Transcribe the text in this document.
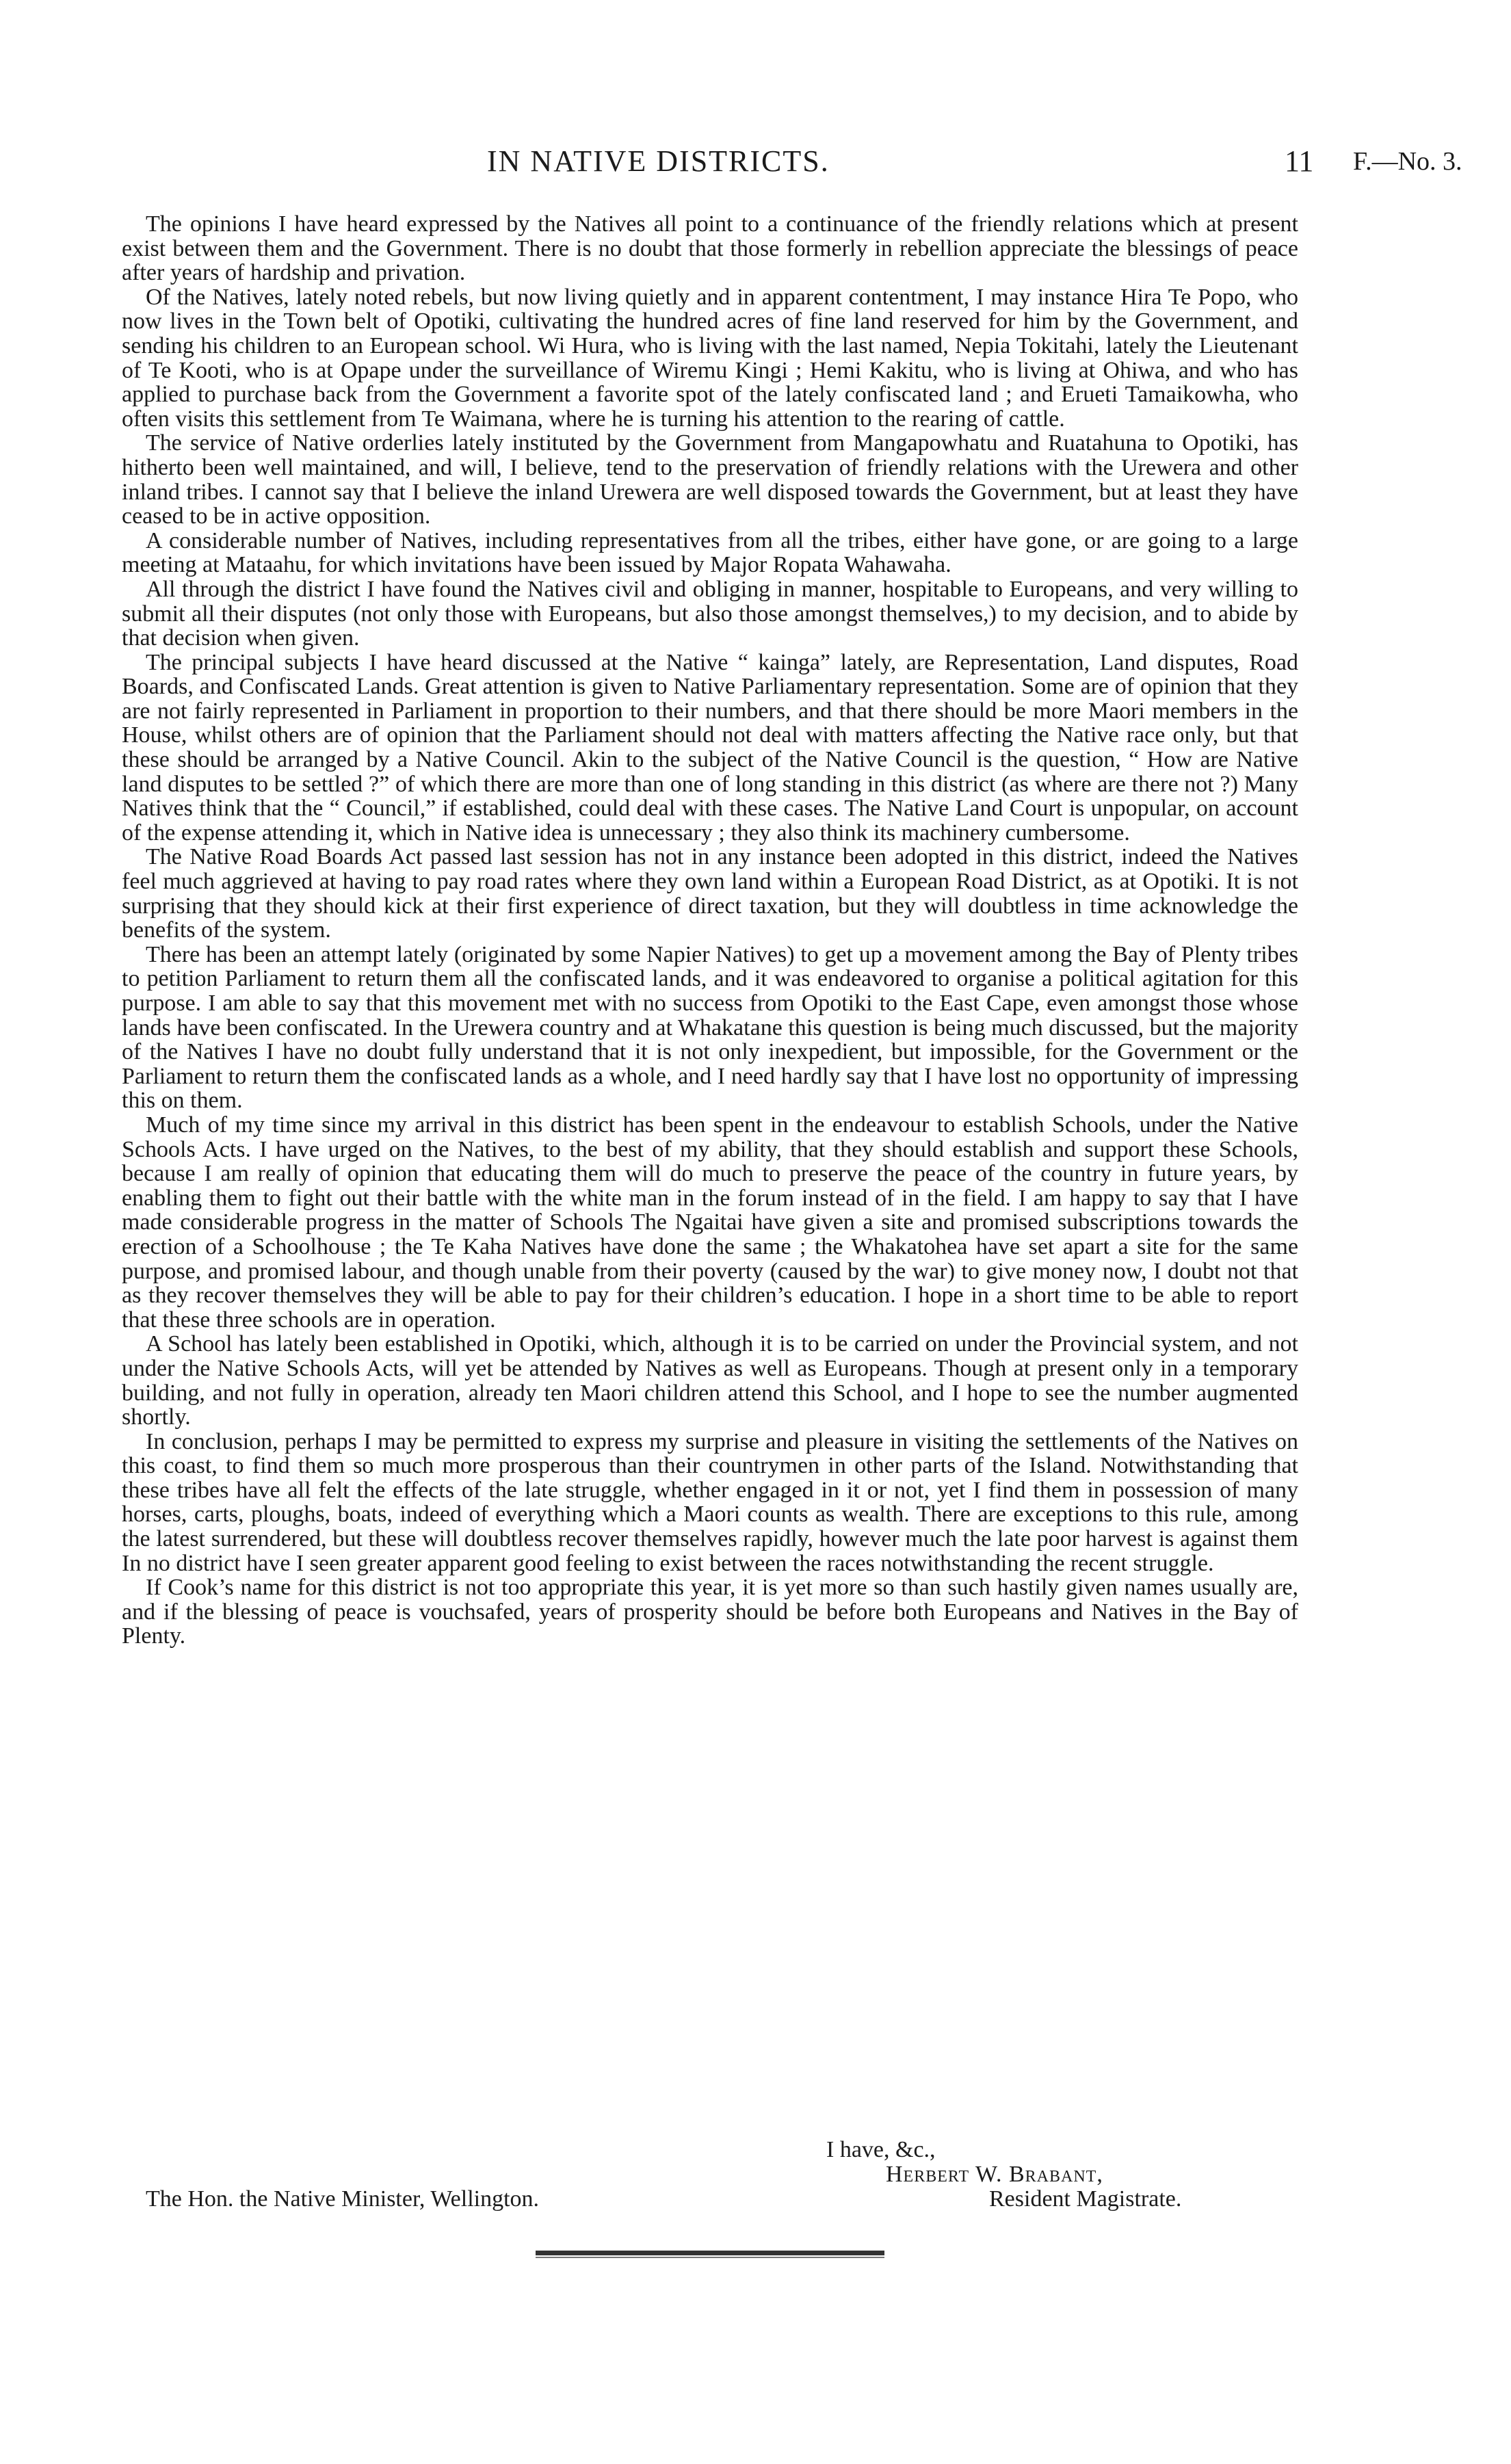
IN NATIVE DISTRICTS.	11 F.—No. 3.

The opinions I have heard expressed by the Natives all point to a continuance of the friendly relations which at present exist between them and the Government. There is no doubt that those formerly in rebellion appreciate the blessings of peace after years of hardship and privation.

Of the Natives, lately noted rebels, but now living quietly and in apparent contentment, I may instance Hira Te Popo, who now lives in the Town belt of Opotiki, cultivating the hundred acres of fine land reserved for him by the Government, and sending his children to an European school. Wi Hura, who is living with the last named, Nepia Tokitahi, lately the Lieutenant of Te Kooti, who is at Opape under the surveillance of Wiremu Kingi ; Hemi Kakitu, who is living at Ohiwa, and who has applied to purchase back from the Government a favorite spot of the lately confiscated land ; and Erueti Tamaikowha, who often visits this settlement from Te Waimana, where he is turning his attention to the rearing of cattle.

The service of Native orderlies lately instituted by the Government from Mangapowhatu and Ruatahuna to Opotiki, has hitherto been well maintained, and will, I believe, tend to the preservation of friendly relations with the Urewera and other inland tribes. I cannot say that I believe the inland Urewera are well disposed towards the Government, but at least they have ceased to be in active opposition.

A considerable number of Natives, including representatives from all the tribes, either have gone, or are going to a large meeting at Mataahu, for which invitations have been issued by Major Ropata Wahawaha.

All through the district I have found the Natives civil and obliging in manner, hospitable to Europeans, and very willing to submit all their disputes (not only those with Europeans, but also those amongst themselves,) to my decision, and to abide by that decision when given.

The principal subjects I have heard discussed at the Native “ kainga” lately, are Representation, Land disputes, Road Boards, and Confiscated Lands. Great attention is given to Native Parliamentary representation. Some are of opinion that they are not fairly represented in Parliament in proportion to their numbers, and that there should be more Maori members in the House, whilst others are of opinion that the Parliament should not deal with matters affecting the Native race only, but that these should be arranged by a Native Council. Akin to the subject of the Native Council is the question, “ How are Native land disputes to be settled ?” of which there are more than one of long standing in this district (as where are there not ?) Many Natives think that the “ Council,” if established, could deal with these cases. The Native Land Court is unpopular, on account of the expense attending it, which in Native idea is unnecessary ; they also think its machinery cumbersome.

The Native Road Boards Act passed last session has not in any instance been adopted in this district, indeed the Natives feel much aggrieved at having to pay road rates where they own land within a European Road District, as at Opotiki. It is not surprising that they should kick at their first experience of direct taxation, but they will doubtless in time acknowledge the benefits of the system.

There has been an attempt lately (originated by some Napier Natives) to get up a movement among the Bay of Plenty tribes to petition Parliament to return them all the confiscated lands, and it was endeavored to organise a political agitation for this purpose. I am able to say that this movement met with no success from Opotiki to the East Cape, even amongst those whose lands have been confiscated. In the Urewera country and at Whakatane this question is being much discussed, but the majority of the Natives I have no doubt fully understand that it is not only inexpedient, but impossible, for the Government or the Parliament to return them the confiscated lands as a whole, and I need hardly say that I have lost no opportunity of impressing this on them.

Much of my time since my arrival in this district has been spent in the endeavour to establish Schools, under the Native Schools Acts. I have urged on the Natives, to the best of my ability, that they should establish and support these Schools, because I am really of opinion that educating them will do much to preserve the peace of the country in future years, by enabling them to fight out their battle with the white man in the forum instead of in the field. I am happy to say that I have made considerable progress in the matter of Schools The Ngaitai have given a site and promised subscriptions towards the erection of a Schoolhouse ; the Te Kaha Natives have done the same ; the Whakatohea have set apart a site for the same purpose, and promised labour, and though unable from their poverty (caused by the war) to give money now, I doubt not that as they recover themselves they will be able to pay for their children’s education. I hope in a short time to be able to report that these three schools are in operation.

A School has lately been established in Opotiki, which, although it is to be carried on under the Provincial system, and not under the Native Schools Acts, will yet be attended by Natives as well as Europeans. Though at present only in a temporary building, and not fully in operation, already ten Maori children attend this School, and I hope to see the number augmented shortly.

In conclusion, perhaps I may be permitted to express my surprise and pleasure in visiting the settlements of the Natives on this coast, to find them so much more prosperous than their countrymen in other parts of the Island. Notwithstanding that these tribes have all felt the effects of the late struggle, whether engaged in it or not, yet I find them in possession of many horses, carts, ploughs, boats, indeed of everything which a Maori counts as wealth. There are exceptions to this rule, among the latest surrendered, but these will doubtless recover themselves rapidly, however much the late poor harvest is against them In no district have I seen greater apparent good feeling to exist between the races notwithstanding the recent struggle.

If Cook’s name for this district is not too appropriate this year, it is yet more so than such hastily given names usually are, and if the blessing of peace is vouchsafed, years of prosperity should be before both Europeans and Natives in the Bay of Plenty.

I have, &c.,
Herbert W. Brabant,
The Hon. the Native Minister, Wellington.	Resident Magistrate.
